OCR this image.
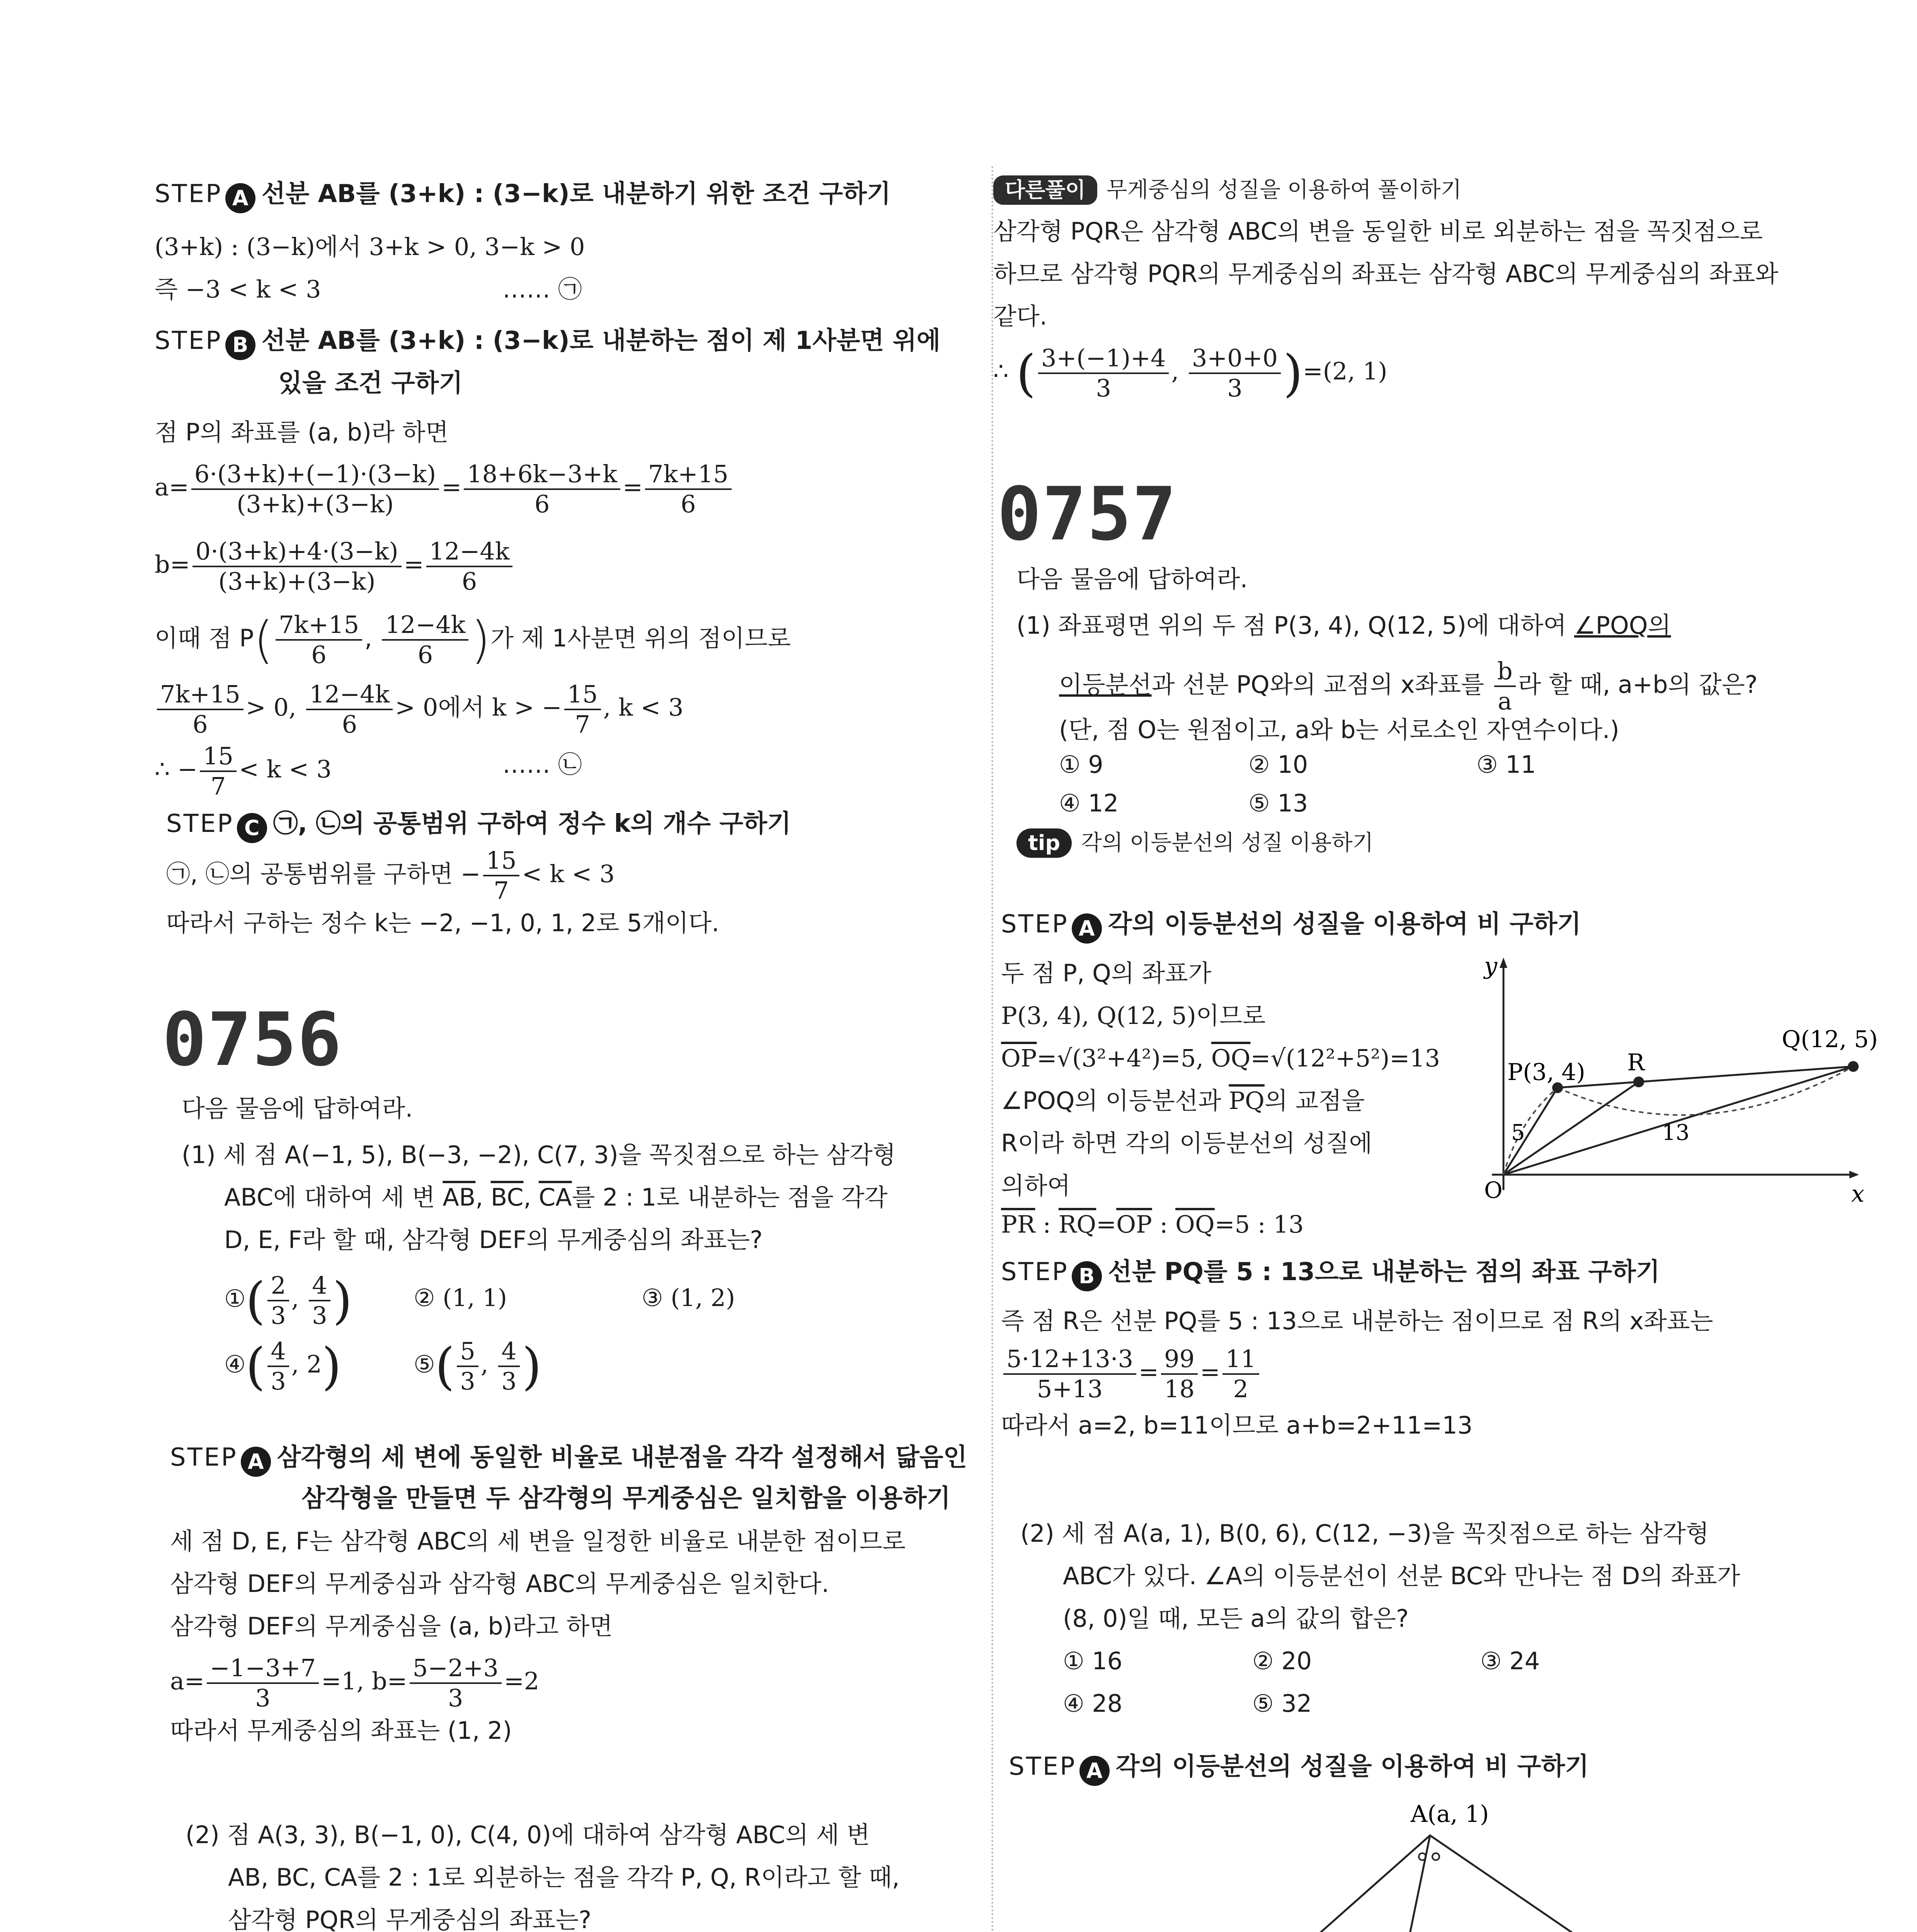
STEP A 선분 AB를 (3+k) : (3−k)로 내분하기 위한 조건 구하기
(3+k) : (3−k)에서 3+k > 0, 3−k > 0
즉 −3 < k < 3	…… ㉠
STEP B 선분 AB를 (3+k) : (3−k)로 내분하는 점이 제 1사분면 위에
있을 조건 구하기
점 P의 좌표를 (a, b)라 하면
$a= \frac{6\cdot(3+k)+(-1)\cdot(3-k)}{(3+k)+(3-k)} = \frac{18+6k-3+k}{6} = \frac{7k+15}{6}$
$b= \frac{0\cdot(3+k)+4\cdot(3-k)}{(3+k)+(3-k)} = \frac{12-4k}{6}$
이때 점 $P( \frac{7k+15}{6}$ , $\frac{12-4k}{6}$ )가 제 1사분면 위의 점이므로
$\frac{7k+15}{6} > 0$, $\frac{12-4k}{6} > 0$에서 k > − $\frac{15}{7}$ , k < 3
∴ − $\frac{15}{7} < k < 3$	…… ㉡
STEP C ㉠, ㉡의 공통범위 구하여 정수 k의 개수 구하기
㉠, ㉡의 공통범위를 구하면 − $\frac{15}{7} < k < 3$
따라서 구하는 정수 k는 −2, −1, 0, 1, 2로 5개이다.
0756
다음 물음에 답하여라.
(1) 세 점 A(−1, 5), B(−3, −2), C(7, 3)을 꼭짓점으로 하는 삼각형
ABC에 대하여 세 변 $\overline{AB}$, $\overline{BC}$, $\overline{CA}$를 2 : 1로 내분하는 점을 각각
D, E, F라 할 때, 삼각형 DEF의 무게중심의 좌표는?
①( $\frac{2}{3}$ , $\frac{4}{3}$ )	② (1, 1)	③ (1, 2)
④( $\frac{4}{3}$ , 2)	⑤( $\frac{5}{3}$ , $\frac{4}{3}$ )
STEP A 삼각형의 세 변에 동일한 비율로 내분점을 각각 설정해서 닮음인
삼각형을 만들면 두 삼각형의 무게중심은 일치함을 이용하기
세 점 D, E, F는 삼각형 ABC의 세 변을 일정한 비율로 내분한 점이므로
삼각형 DEF의 무게중심과 삼각형 ABC의 무게중심은 일치한다.
삼각형 DEF의 무게중심을 (a, b)라고 하면
$a= \frac{-1-3+7}{3} =1$, $b= \frac{5-2+3}{3} =2$
따라서 무게중심의 좌표는 (1, 2)
(2) 점 A(3, 3), B(−1, 0), C(4, 0)에 대하여 삼각형 ABC의 세 변
AB, BC, CA를 2 : 1로 외분하는 점을 각각 P, Q, R이라고 할 때,
삼각형 PQR의 무게중심의 좌표는?
다른풀이 무게중심의 성질을 이용하여 풀이하기
삼각형 PQR은 삼각형 ABC의 변을 동일한 비로 외분하는 점을 꼭짓점으로
하므로 삼각형 PQR의 무게중심의 좌표는 삼각형 ABC의 무게중심의 좌표와
같다.
∴ ( $\frac{3+(-1)+4}{3}$ , $\frac{3+0+0}{3} )=(2$, 1)
0757
다음 물음에 답하여라.
(1) 좌표평면 위의 두 점 P(3, 4), Q(12, 5)에 대하여 ∠POQ의
이등분선과 선분 PQ와의 교점의 x좌표를 $\frac{b}{a}$ 라 할 때, a+b의 값은?
(단, 점 O는 원점이고, a와 b는 서로소인 자연수이다.)
① 9	② 10	③ 11
④ 12	⑤ 13
tip 각의 이등분선의 성질 이용하기
STEP A 각의 이등분선의 성질을 이용하여 비 구하기
두 점 P, Q의 좌표가
P(3, 4), Q(12, 5)이므로
$\overline{OP}=√(3^2+4^2)=5$, $\overline{OQ}=√(12^2+5^2)=13$
∠POQ의 이등분선과 $\overline{PQ}$의 교점을
R이라 하면 각의 이등분선의 성질에
의하여
$\overline{PR}$ : $\overline{RQ}=\overline{OP}$ : $\overline{OQ}=5$ : 13
y
x
O
P(3, 4) R
Q(12, 5)
5	13
STEP B 선분 PQ를 5 : 13으로 내분하는 점의 좌표 구하기
즉 점 R은 선분 PQ를 5 : 13으로 내분하는 점이므로 점 R의 x좌표는
$\frac{5\cdot 12+13\cdot 3}{5+13} = \frac{99}{18} = \frac{11}{2}$
따라서 a=2, b=11이므로 a+b=2+11=13
(2) 세 점 A(a, 1), B(0, 6), C(12, −3)을 꼭짓점으로 하는 삼각형
ABC가 있다. ∠A의 이등분선이 선분 BC와 만나는 점 D의 좌표가
(8, 0)일 때, 모든 a의 값의 합은?
① 16	② 20	③ 24
④ 28	⑤ 32
STEP A 각의 이등분선의 성질을 이용하여 비 구하기
A(a, 1)
